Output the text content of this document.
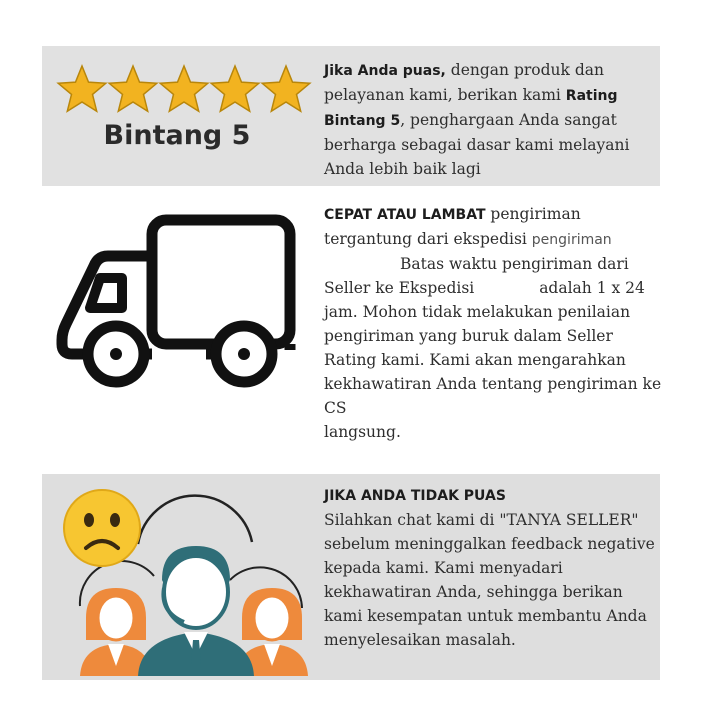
Bintang 5
Jika Anda puas, dengan produk dan pelayanan kami, berikan kami Rating Bintang 5, penghargaan Anda sangat berharga sebagai dasar kami melayani Anda lebih baik lagi
CEPAT ATAU LAMBAT pengiriman tergantung dari ekspedisi pengiriman
Batas waktu pengiriman dari Seller ke Ekspedisi	adalah 1 x 24 jam. Mohon tidak melakukan penilaian pengiriman yang buruk dalam Seller Rating kami. Kami akan mengarahkan kekhawatiran Anda tentang pengiriman ke CS
langsung.
JIKA ANDA TIDAK PUAS
Silahkan chat kami di "TANYA SELLER" sebelum meninggalkan feedback negative kepada kami. Kami menyadari kekhawatiran Anda, sehingga berikan kami kesempatan untuk membantu Anda menyelesaikan masalah.
